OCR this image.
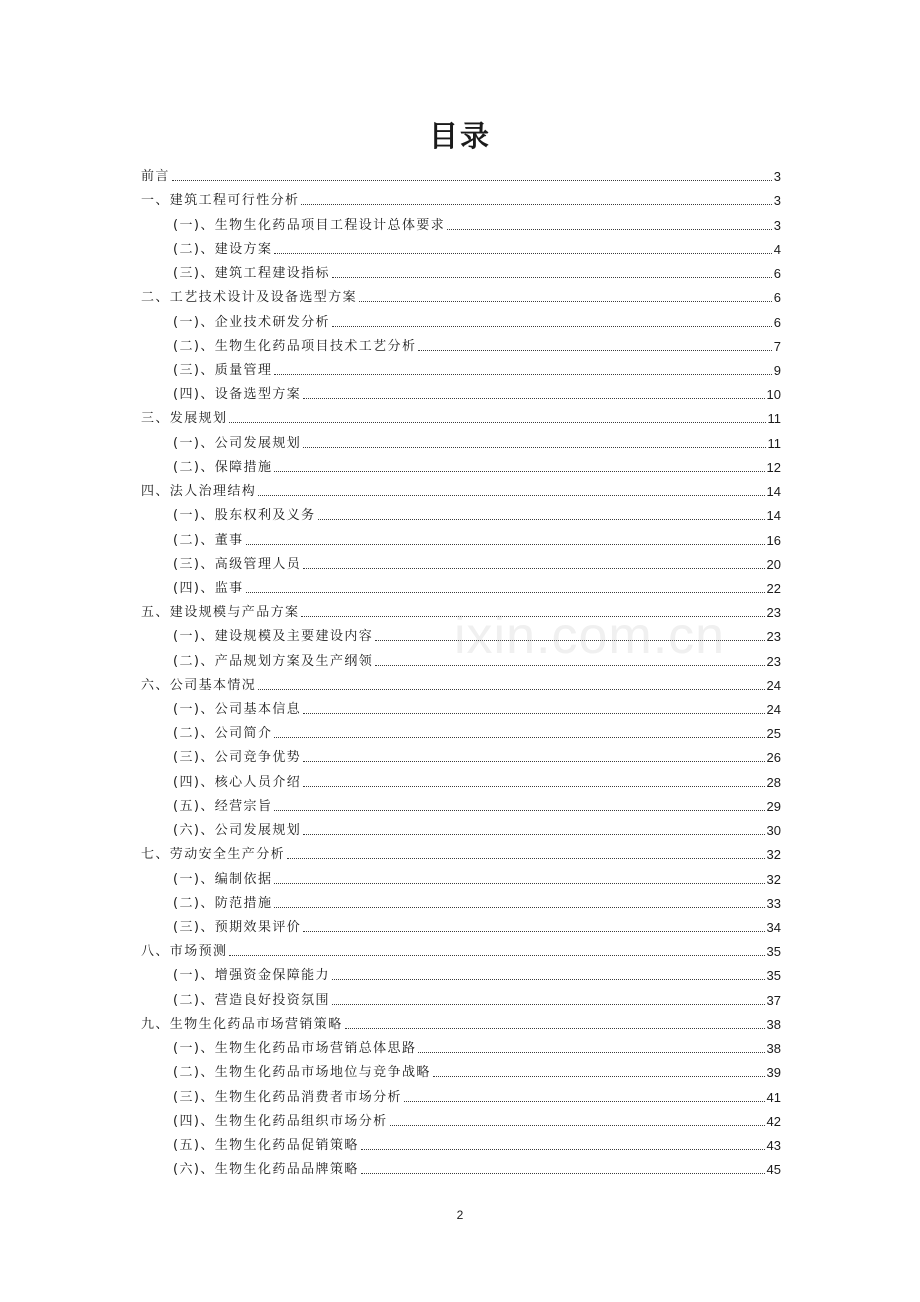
目录
前言	3
一、建筑工程可行性分析	3
(一)、生物生化药品项目工程设计总体要求	3
(二)、建设方案	4
(三)、建筑工程建设指标	6
二、工艺技术设计及设备选型方案	6
(一)、企业技术研发分析	6
(二)、生物生化药品项目技术工艺分析	7
(三)、质量管理	9
(四)、设备选型方案	10
三、发展规划	11
(一)、公司发展规划	11
(二)、保障措施	12
四、法人治理结构	14
(一)、股东权利及义务	14
(二)、董事	16
(三)、高级管理人员	20
(四)、监事	22
五、建设规模与产品方案	23
(一)、建设规模及主要建设内容	23
(二)、产品规划方案及生产纲领	23
六、公司基本情况	24
(一)、公司基本信息	24
(二)、公司简介	25
(三)、公司竞争优势	26
(四)、核心人员介绍	28
(五)、经营宗旨	29
(六)、公司发展规划	30
七、劳动安全生产分析	32
(一)、编制依据	32
(二)、防范措施	33
(三)、预期效果评价	34
八、市场预测	35
(一)、增强资金保障能力	35
(二)、营造良好投资氛围	37
九、生物生化药品市场营销策略	38
(一)、生物生化药品市场营销总体思路	38
(二)、生物生化药品市场地位与竞争战略	39
(三)、生物生化药品消费者市场分析	41
(四)、生物生化药品组织市场分析	42
(五)、生物生化药品促销策略	43
(六)、生物生化药品品牌策略	45
ixin.com.cn
2
